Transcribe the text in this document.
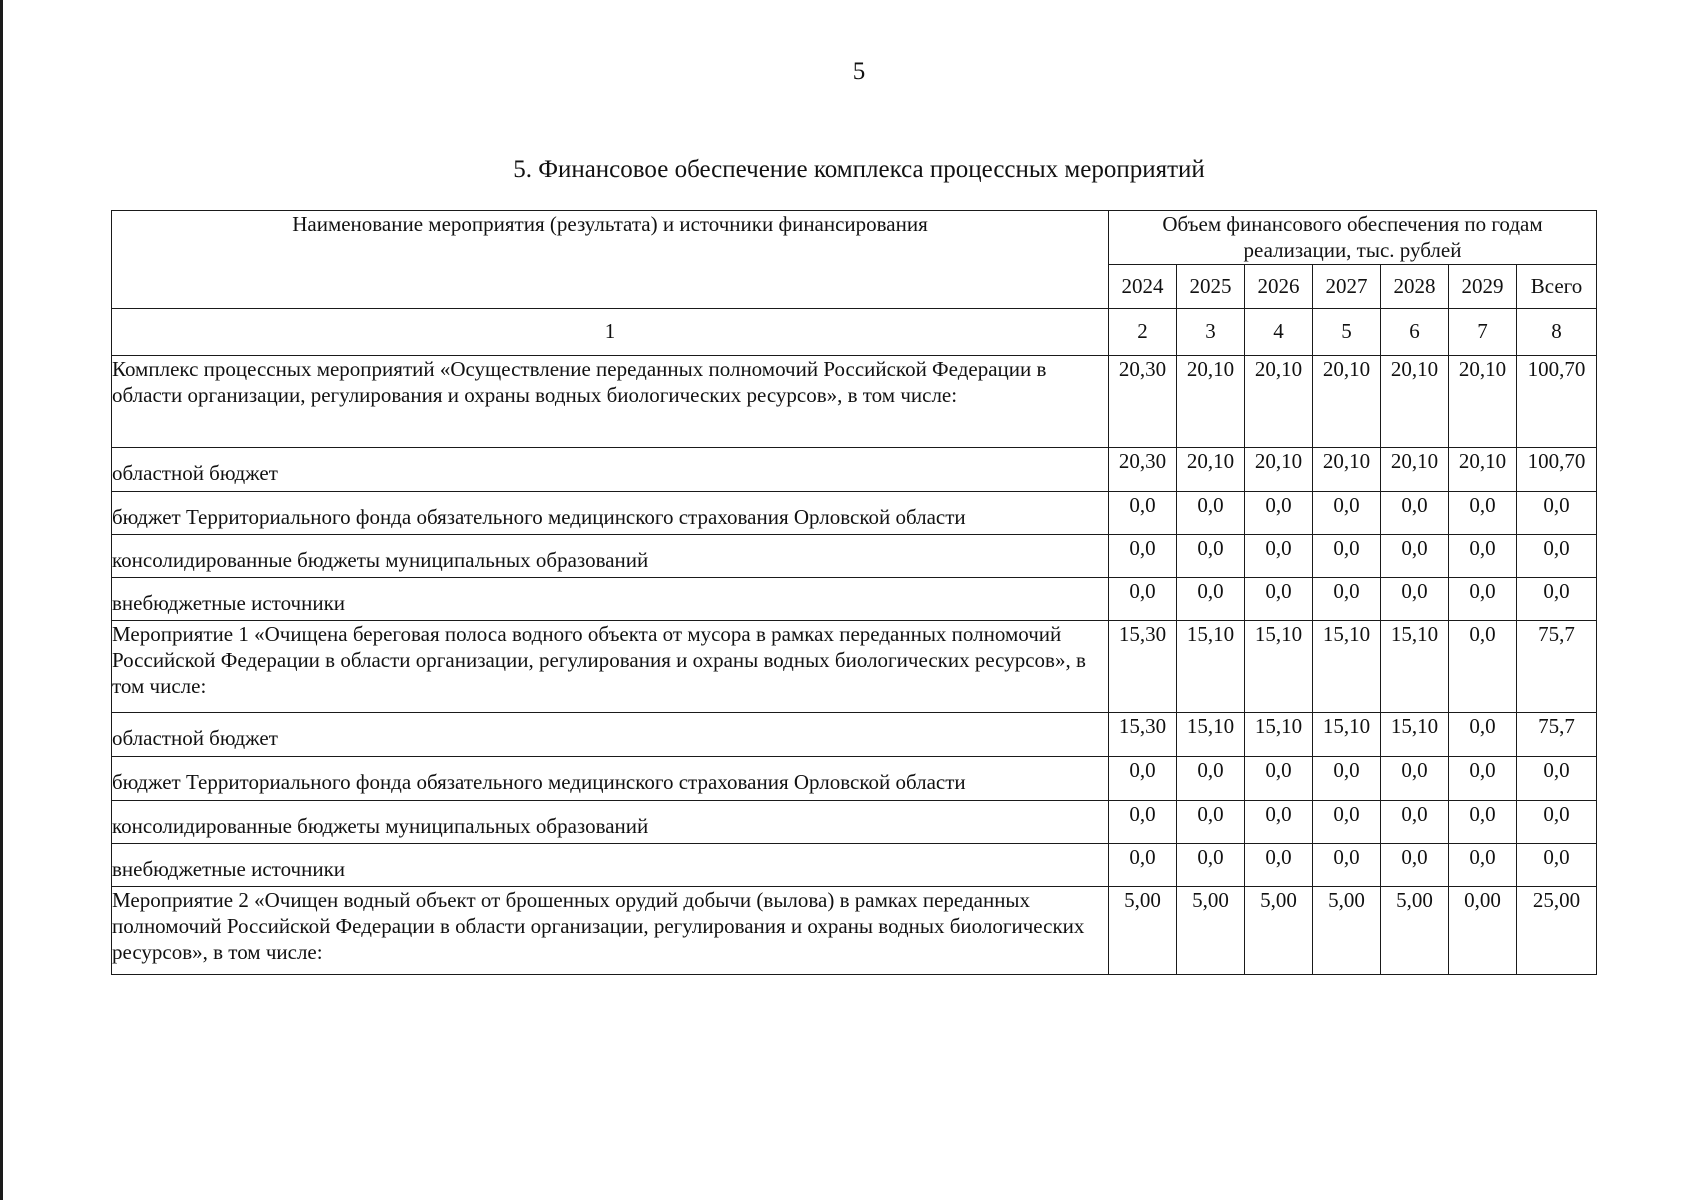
5
5. Финансовое обеспечение комплекса процессных мероприятий
Наименование мероприятия (результата) и источники финансирования	Объем финансового обеспечения по годам реализации, тыс. рублей						
	2024	2025	2026	2027	2028	2029	Всего
1	2	3	4	5	6	7	8
Комплекс процессных мероприятий «Осуществление переданных полномочий Российской Федерации в области организации, регулирования и охраны водных биологических ресурсов», в том числе:	20,30	20,10	20,10	20,10	20,10	20,10	100,70
областной бюджет	20,30	20,10	20,10	20,10	20,10	20,10	100,70
бюджет Территориального фонда обязательного медицинского страхования Орловской области	0,0	0,0	0,0	0,0	0,0	0,0	0,0
консолидированные бюджеты муниципальных образований	0,0	0,0	0,0	0,0	0,0	0,0	0,0
внебюджетные источники	0,0	0,0	0,0	0,0	0,0	0,0	0,0
Мероприятие 1 «Очищена береговая полоса водного объекта от мусора в рамках переданных полномочий Российской Федерации в области организации, регулирования и охраны водных биологических ресурсов», в том числе:	15,30	15,10	15,10	15,10	15,10	0,0	75,7
областной бюджет	15,30	15,10	15,10	15,10	15,10	0,0	75,7
бюджет Территориального фонда обязательного медицинского страхования Орловской области	0,0	0,0	0,0	0,0	0,0	0,0	0,0
консолидированные бюджеты муниципальных образований	0,0	0,0	0,0	0,0	0,0	0,0	0,0
внебюджетные источники	0,0	0,0	0,0	0,0	0,0	0,0	0,0
Мероприятие 2 «Очищен водный объект от брошенных орудий добычи (вылова) в рамках переданных полномочий Российской Федерации в области организации, регулирования и охраны водных биологических ресурсов», в том числе:	5,00	5,00	5,00	5,00	5,00	0,00	25,00
